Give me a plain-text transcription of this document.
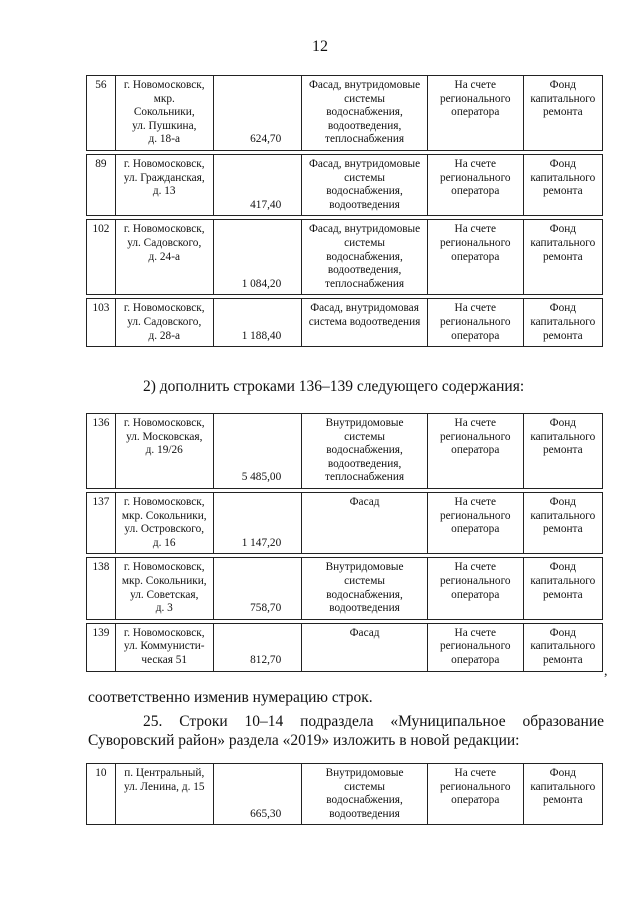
12
56	г. Новомосковск,
мкр.
Сокольники,
ул. Пушкина,
д. 18-а	624,70	Фасад, внутридомовые
системы
водоснабжения,
водоотведения,
теплоснабжения	На счете
регионального
оператора	Фонд
капитального
ремонта

89	г. Новомосковск,
ул. Гражданская,
д. 13	417,40	Фасад, внутридомовые
системы
водоснабжения,
водоотведения	На счете
регионального
оператора	Фонд
капитального
ремонта

102	г. Новомосковск,
ул. Садовского,
д. 24-а	1 084,20	Фасад, внутридомовые
системы
водоснабжения,
водоотведения,
теплоснабжения	На счете
регионального
оператора	Фонд
капитального
ремонта

103	г. Новомосковск,
ул. Садовского,
д. 28-а	1 188,40	Фасад, внутридомовая
система водоотведения	На счете
регионального
оператора	Фонд
капитального
ремонта
2) дополнить строками 136–139 следующего содержания:
136	г. Новомосковск,
ул. Московская,
д. 19/26	5 485,00	Внутридомовые
системы
водоснабжения,
водоотведения,
теплоснабжения	На счете
регионального
оператора	Фонд
капитального
ремонта

137	г. Новомосковск,
мкр. Сокольники,
ул. Островского,
д. 16	1 147,20	Фасад	На счете
регионального
оператора	Фонд
капитального
ремонта

138	г. Новомосковск,
мкр. Сокольники,
ул. Советская,
д. 3	758,70	Внутридомовые
системы
водоснабжения,
водоотведения	На счете
регионального
оператора	Фонд
капитального
ремонта

139	г. Новомосковск,
ул. Коммунисти-
ческая 51	812,70	Фасад	На счете
регионального
оператора	Фонд
капитального
ремонта
,
соответственно изменив нумерацию строк.
25. Строки 10–14 подраздела «Муниципальное образование
Суворовский район» раздела «2019» изложить в новой редакции:
10	п. Центральный,
ул. Ленина, д. 15	665,30	Внутридомовые
системы
водоснабжения,
водоотведения	На счете
регионального
оператора	Фонд
капитального
ремонта
